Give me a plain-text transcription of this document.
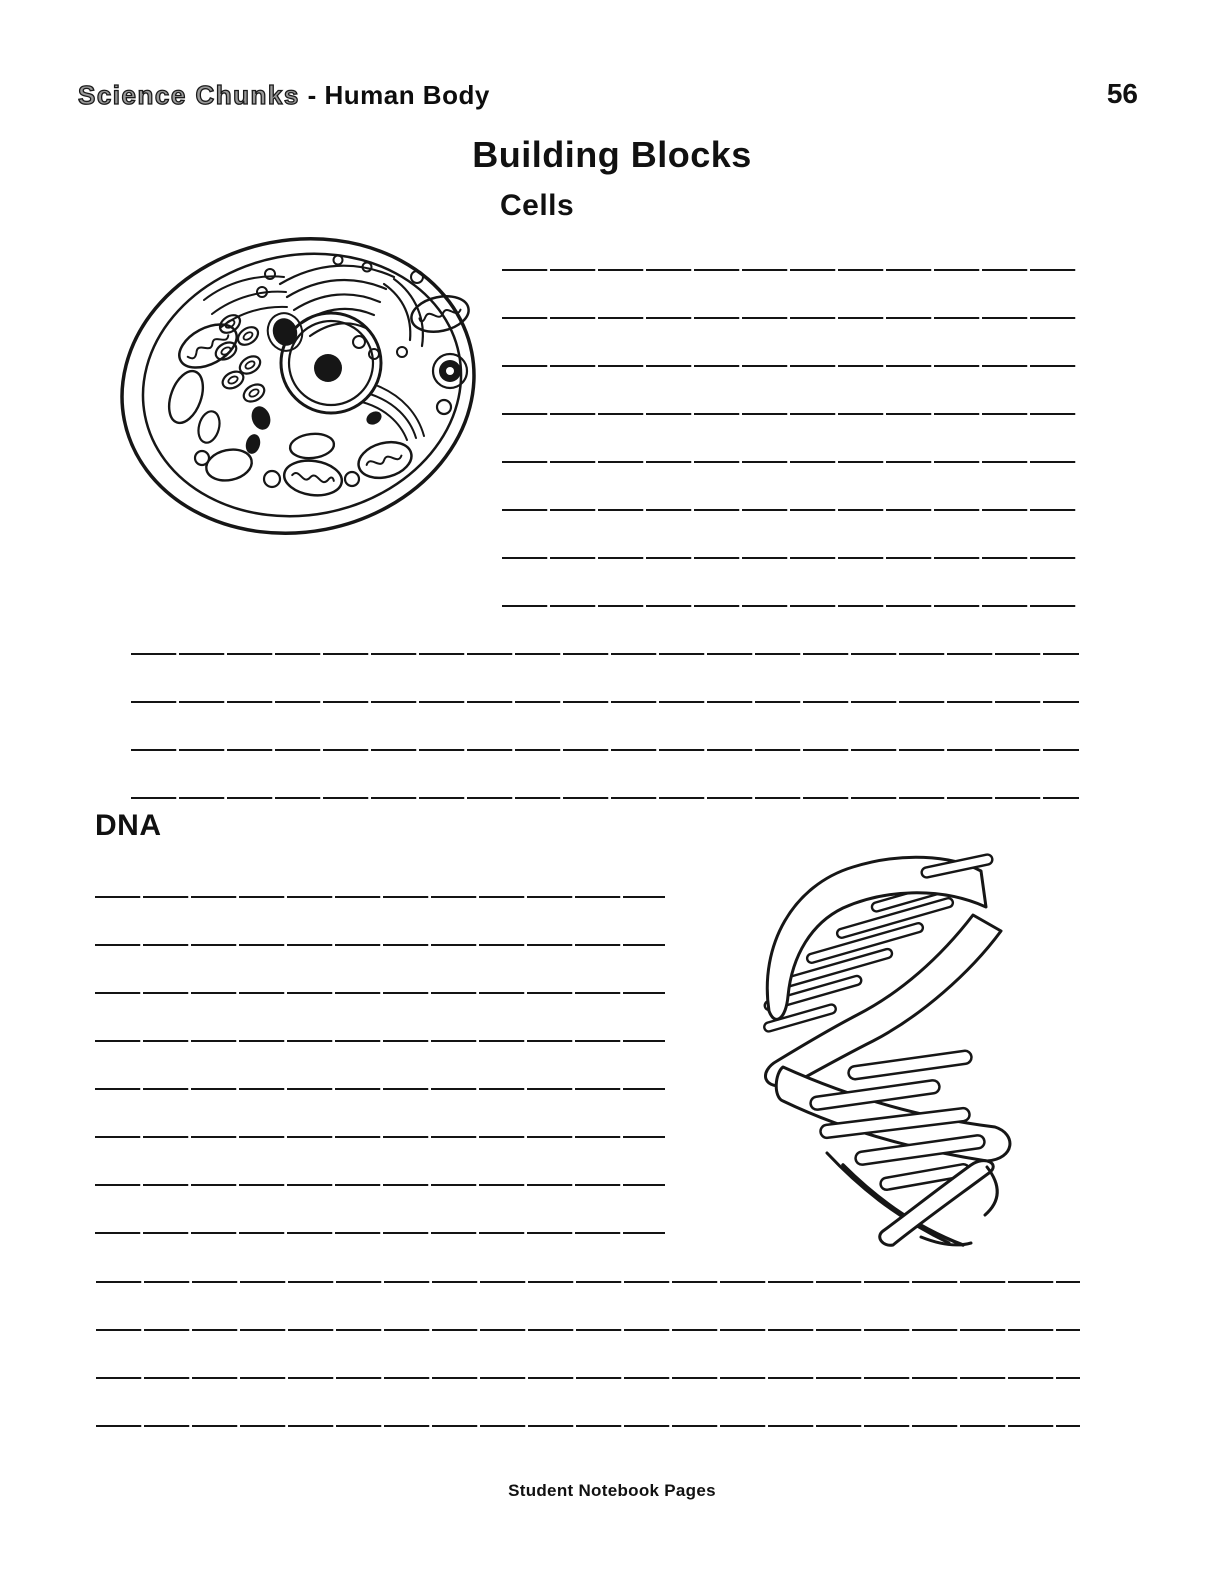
Science Chunks - Human Body	56
Building Blocks
Cells
DNA
Student Notebook Pages
